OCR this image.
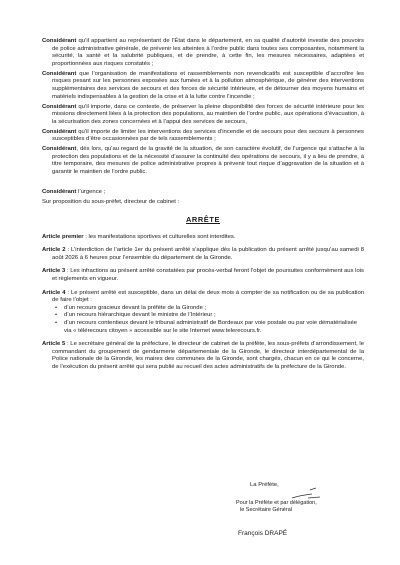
Considérant qu’il appartient au représentant de l’État dans le département, en sa qualité d’autorité investie des pouvoirs de police administrative générale, de prévenir les atteintes à l’ordre public dans toutes ses composantes, notamment la sécurité, la santé et la salubrité publiques, et de prendre, à cette fin, les mesures nécessaires, adaptées et proportionnées aux risques constatés ;

Considérant que l’organisation de manifestations et rassemblements non revendicatifs est susceptible d’accroître les risques pesant sur les personnes exposées aux fumées et à la pollution atmosphérique, de générer des interventions supplémentaires des services de secours et des forces de sécurité intérieure, et de détourner des moyens humains et matériels indispensables à la gestion de la crise et à la lutte contre l’incendie ;

Considérant qu’il importe, dans ce contexte, de préserver la pleine disponibilité des forces de sécurité intérieure pour les missions directement liées à la protection des populations, au maintien de l’ordre public, aux opérations d’évacuation, à la sécurisation des zones concernées et à l’appui des services de secours,

Considérant qu’il importe de limiter les interventions des services d’incendie et de secours pour des secours à personnes susceptibles d’être occasionnées par de tels rassemblements ;

Considérant, dès lors, qu’au regard de la gravité de la situation, de son caractère évolutif, de l’urgence qui s’attache à la protection des populations et de la nécessité d’assurer la continuité des opérations de secours, il y a lieu de prendre, à titre temporaire, des mesures de police administrative propres à prévenir tout risque d’aggravation de la situation et à garantir le maintien de l’ordre public.

Considérant l’urgence ;

Sur proposition du sous-préfet, directeur de cabinet :

ARRÊTE

Article premier : les manifestations sportives et culturelles sont interdites.

Article 2 : L’interdiction de l’article 1er du présent arrêté s’applique dès la publication du présent arrêté jusqu’au samedi 8 août 2026 à 6 heures pour l’ensemble du département de la Gironde.

Article 3 : Les infractions au présent arrêté constatées par procès-verbal feront l’objet de poursuites conformément aux lois et règlements en vigueur.

Article 4 : Le présent arrêté est susceptible, dans un délai de deux mois à compter de sa notification ou de sa publication de faire l’objet :

• d’un recours gracieux devant la préfète de la Gironde ;
• d’un recours hiérarchique devant le ministre de l’Intérieur ;
• d’un recours contentieux devant le tribunal administratif de Bordeaux par voie postale ou par voie dématérialisée via « télérecours citoyen » accessible sur le site Internet www.telerecours.fr.

Article 5 : Le secrétaire général de la préfecture, le directeur de cabinet de la préfète, les sous-préfets d’arrondissement, le commandant du groupement de gendarmerie départementale de la Gironde, le directeur interdépartemental de la Police nationale de la Gironde, les maires des communes de la Gironde, sont chargés, chacun en ce qui le concerne, de l’exécution du présent arrêté qui sera publié au recueil des actes administratifs de la préfecture de la Gironde.

La Préfète,
Pour la Préfète et par délégation,
le Secrétaire Général
François DRAPÉ
